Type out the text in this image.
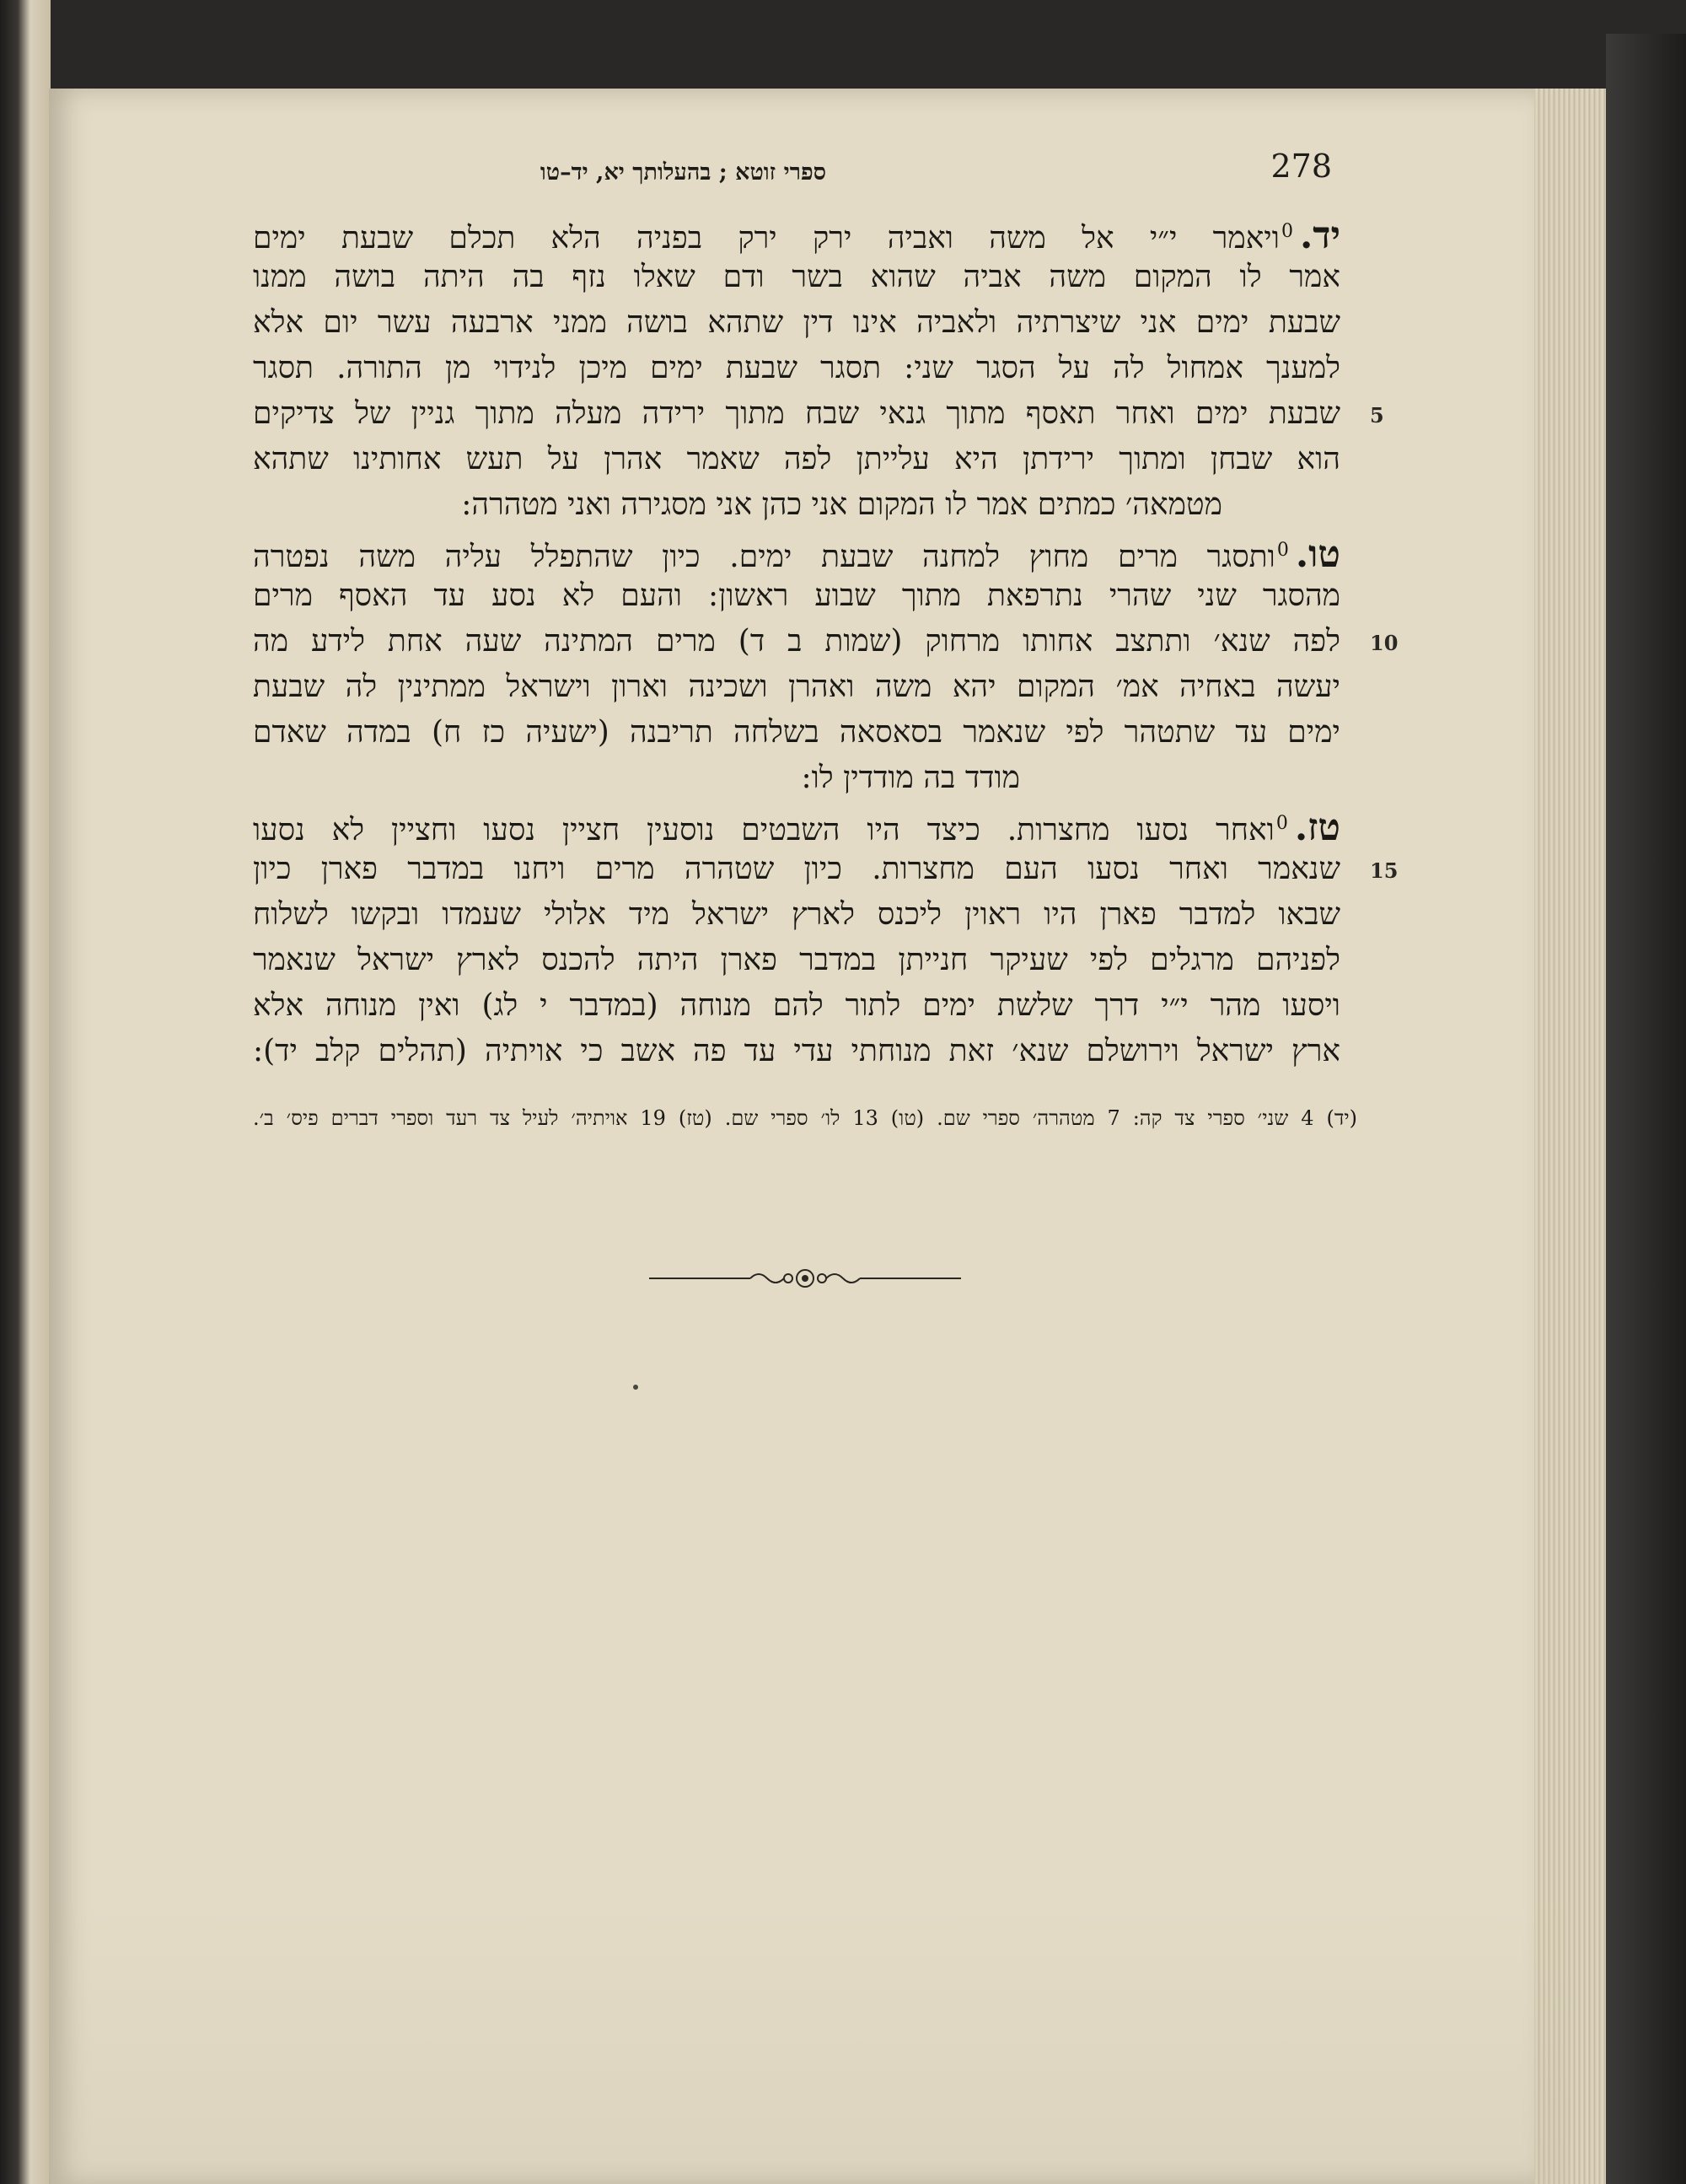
ספרי זוטא ; בהעלותך יא, יד–טו	278
5
10
15
יד.$^0$ויאמר י״י אל משה ואביה ירק ירק בפניה הלא תכלם שבעת ימים
אמר לו המקום משה אביה שהוא בשר ודם שאלו נזף בה היתה בושה ממנו
שבעת ימים אני שיצרתיה ולאביה אינו דין שתהא בושה ממני ארבעה עשר יום אלא
למענך אמחול לה על הסגר שני: תסגר שבעת ימים מיכן לנידוי מן התורה. תסגר
שבעת ימים ואחר תאסף מתוך גנאי שבח מתוך ירידה מעלה מתוך גניין של צדיקים
הוא שבחן ומתוך ירידתן היא עלייתן לפה שאמר אהרן על תעש אחותינו שתהא
מטמאה׳ כמתים אמר לו המקום אני כהן אני מסגירה ואני מטהרה:
טו.$^0$ותסגר מרים מחוץ למחנה שבעת ימים. כיון שהתפלל עליה משה נפטרה
מהסגר שני שהרי נתרפאת מתוך שבוע ראשון: והעם לא נסע עד האסף מרים
לפה שנא׳ ותתצב אחותו מרחוק (שמות ב ד) מרים המתינה שעה אחת לידע מה
יעשה באחיה אמ׳ המקום יהא משה ואהרן ושכינה וארון וישראל ממתינין לה שבעת
ימים עד שתטהר לפי שנאמר בסאסאה בשלחה תריבנה (ישעיה כז ח) במדה שאדם
מודד בה מודדין לו:
טז.$^0$ואחר נסעו מחצרות. כיצד היו השבטים נוסעין חציין נסעו וחציין לא נסעו
שנאמר ואחר נסעו העם מחצרות. כיון שטהרה מרים ויחנו במדבר פארן כיון
שבאו למדבר פארן היו ראוין ליכנס לארץ ישראל מיד אלולי שעמדו ובקשו לשלוח
לפניהם מרגלים לפי שעיקר חנייתן במדבר פארן היתה להכנס לארץ ישראל שנאמר
ויסעו מהר י״י דרך שלשת ימים לתור להם מנוחה (במדבר י לג) ואין מנוחה אלא
ארץ ישראל וירושלם שנא׳ זאת מנוחתי עדי עד פה אשב כי אויתיה (תהלים קלב יד):
(יד) 4 שני׳ ספרי צד קה: 7 מטהרה׳ ספרי שם. (טו) 13 לו׳ ספרי שם. (טז) 19 אויתיה׳ לעיל צד רעד וספרי דברים פיס׳ ב׳.
